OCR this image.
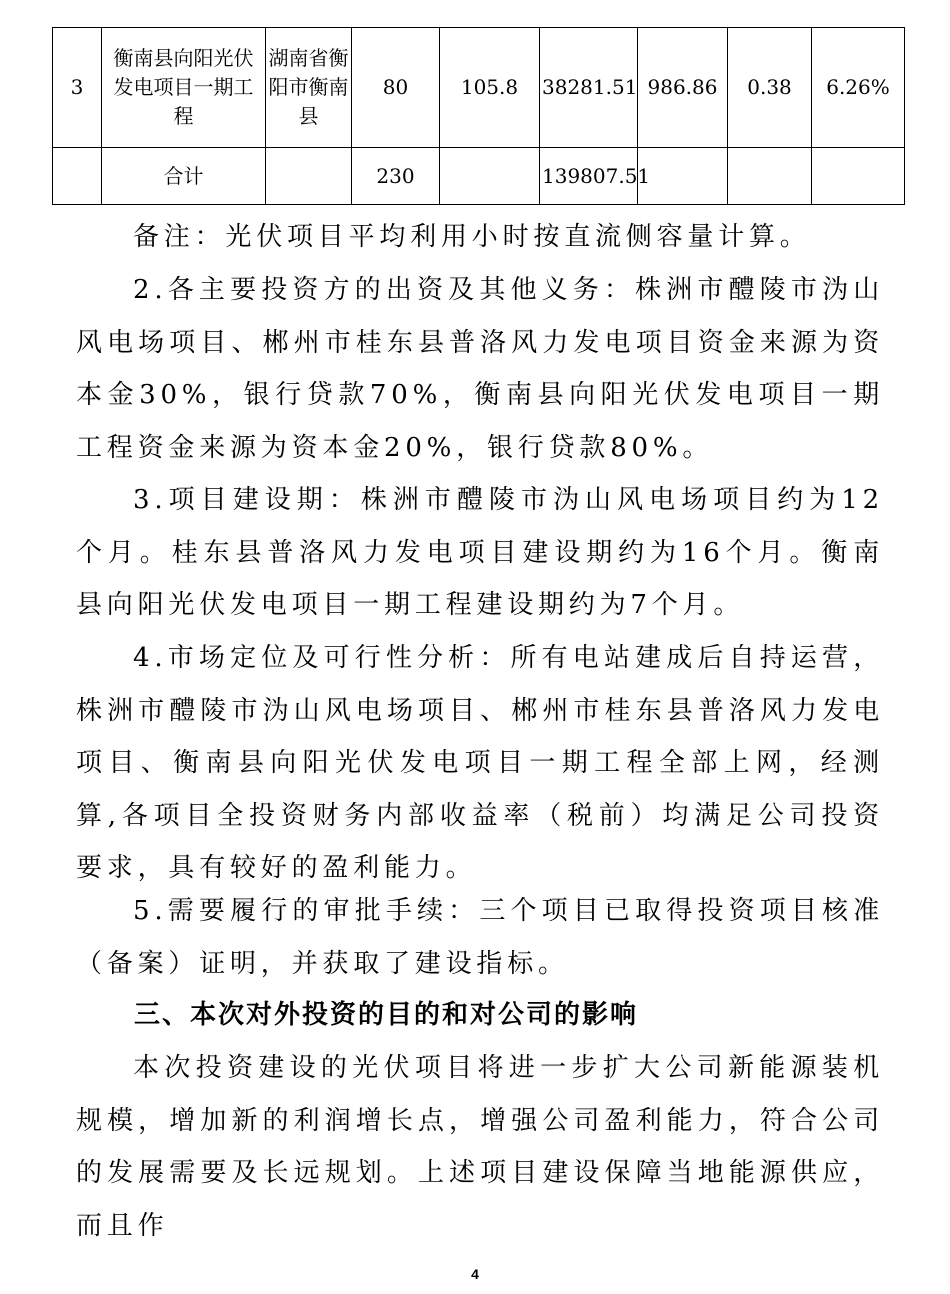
3	衡南县向阳光伏发电项目一期工程	湖南省衡阳市衡南县	80	105.8	38281.51	986.86	0.38	6.26%
	合计		230		139807.51			

备注：光伏项目平均利用小时按直流侧容量计算。

2.各主要投资方的出资及其他义务：株洲市醴陵市沩山风电场项目、郴州市桂东县普洛风力发电项目资金来源为资本金30%，银行贷款70%，衡南县向阳光伏发电项目一期工程资金来源为资本金20%，银行贷款80%。

3.项目建设期：株洲市醴陵市沩山风电场项目约为12个月。桂东县普洛风力发电项目建设期约为16个月。衡南县向阳光伏发电项目一期工程建设期约为7个月。

4.市场定位及可行性分析：所有电站建成后自持运营，株洲市醴陵市沩山风电场项目、郴州市桂东县普洛风力发电项目、衡南县向阳光伏发电项目一期工程全部上网，经测算,各项目全投资财务内部收益率（税前）均满足公司投资要求，具有较好的盈利能力。

5.需要履行的审批手续：三个项目已取得投资项目核准（备案）证明，并获取了建设指标。

三、本次对外投资的目的和对公司的影响

本次投资建设的光伏项目将进一步扩大公司新能源装机规模，增加新的利润增长点，增强公司盈利能力，符合公司的发展需要及长远规划。上述项目建设保障当地能源供应，而且作

4
